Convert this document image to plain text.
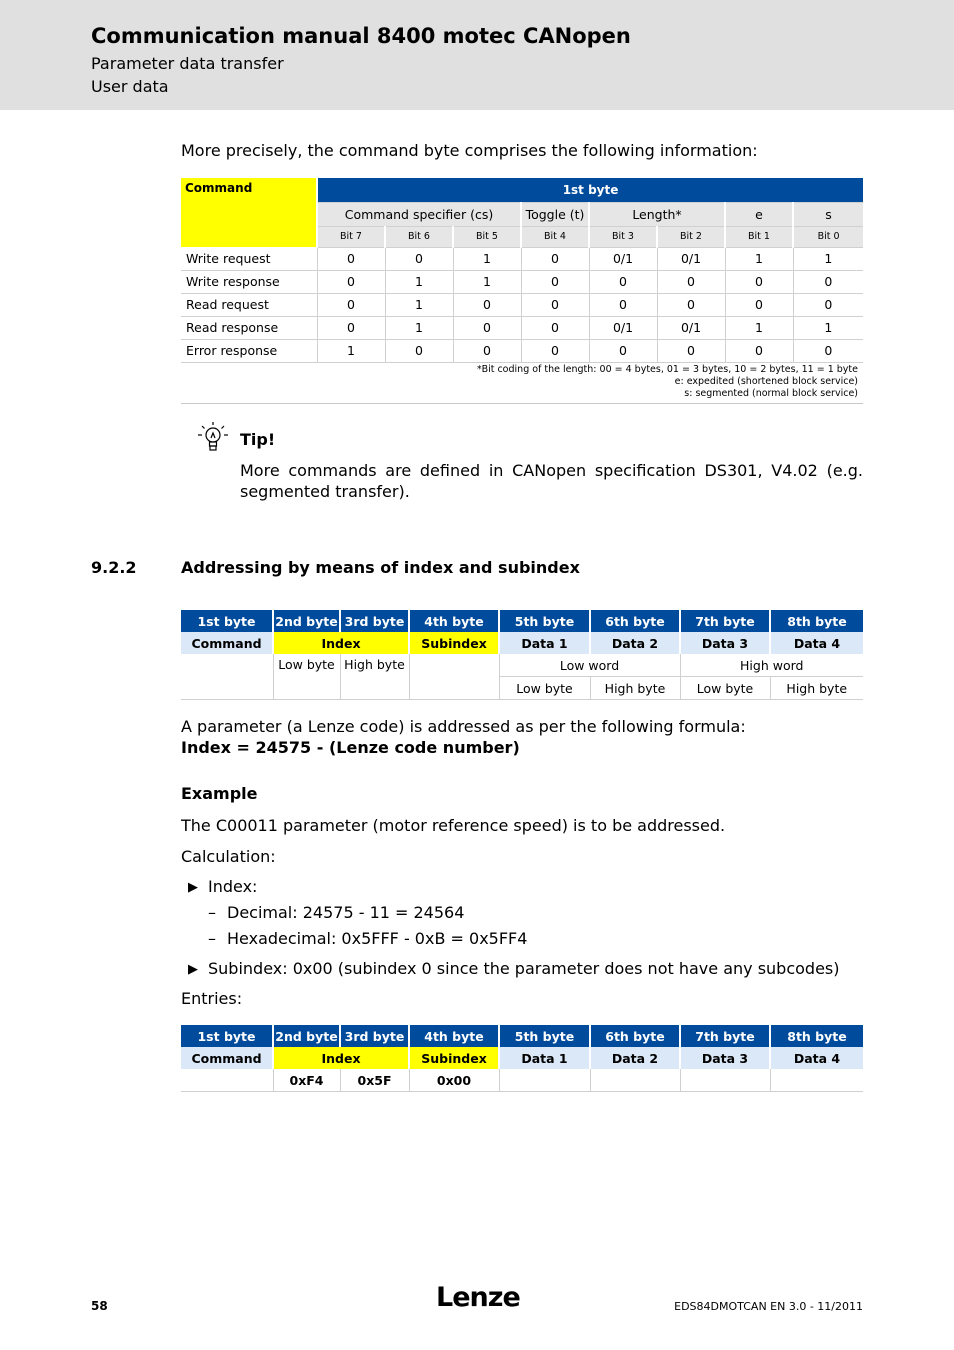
Communication manual 8400 motec CANopen
Parameter data transfer
User data
More precisely, the command byte comprises the following information:
Command	1st byte							
	Command specifier (cs)			Toggle (t)	Length*		e	s
	Bit 7	Bit 6	Bit 5	Bit 4	Bit 3	Bit 2	Bit 1	Bit 0
Write request	0	0	1	0	0/1	0/1	1	1
Write response	0	1	1	0	0	0	0	0
Read request	0	1	0	0	0	0	0	0
Read response	0	1	0	0	0/1	0/1	1	1
Error response	1	0	0	0	0	0	0	0
*Bit coding of the length: 00 = 4 bytes, 01 = 3 bytes, 10 = 2 bytes, 11 = 1 byte
e: expedited (shortened block service)
s: segmented (normal block service)
Tip!
More commands are defined in CANopen specification DS301, V4.02 (e.g. segmented transfer).
9.2.2	Addressing by means of index and subindex
1st byte	2nd byte	3rd byte	4th byte	5th byte	6th byte	7th byte	8th byte
Command	Index		Subindex	Data 1	Data 2	Data 3	Data 4
	Low byte	High byte		Low word		High word	
				Low byte	High byte	Low byte	High byte
A parameter (a Lenze code) is addressed as per the following formula:
Index = 24575 - (Lenze code number)
Example
The C00011 parameter (motor reference speed) is to be addressed.
Calculation:
▶ Index:
– Decimal: 24575 - 11 = 24564
– Hexadecimal: 0x5FFF - 0xB = 0x5FF4
▶ Subindex: 0x00 (subindex 0 since the parameter does not have any subcodes)
Entries:
1st byte	2nd byte	3rd byte	4th byte	5th byte	6th byte	7th byte	8th byte
Command	Index		Subindex	Data 1	Data 2	Data 3	Data 4
	0xF4	0x5F	0x00				
58	Lenze	EDS84DMOTCAN EN 3.0 - 11/2011
